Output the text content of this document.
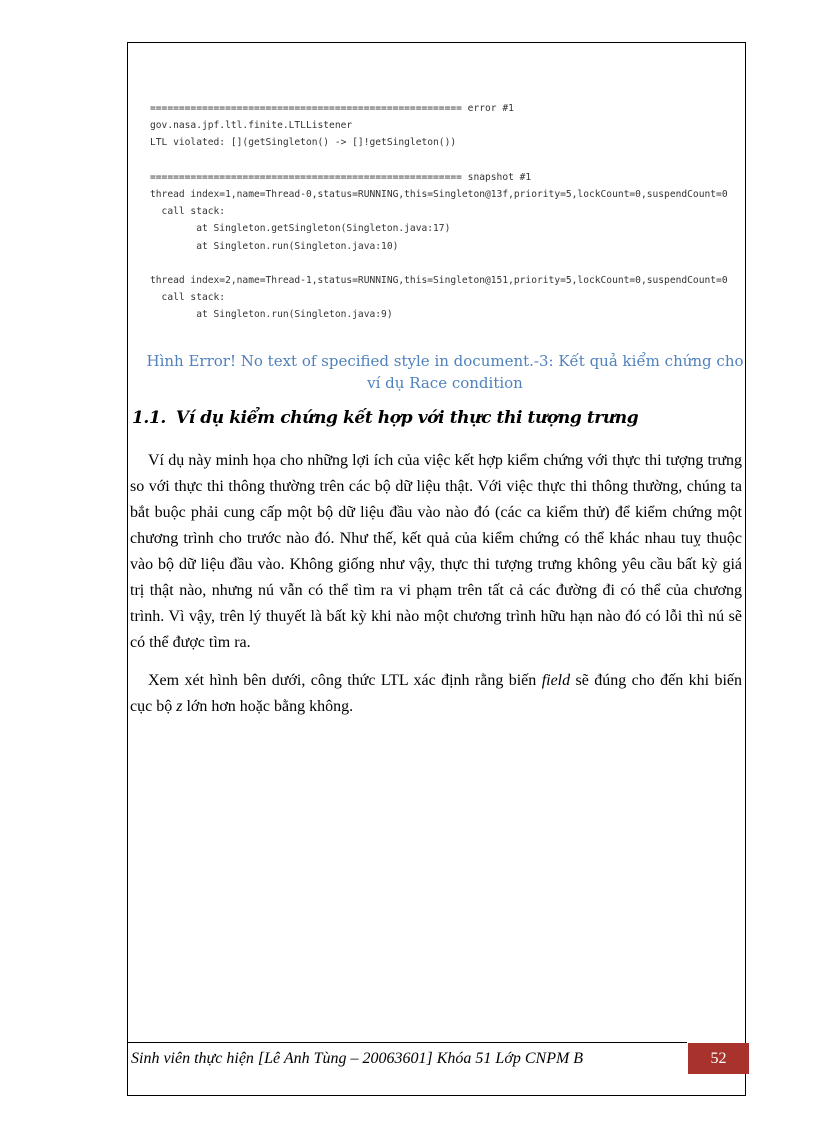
====================================================== error #1
gov.nasa.jpf.ltl.finite.LTLListener
LTL violated: [](getSingleton() -> []!getSingleton())

====================================================== snapshot #1
thread index=1,name=Thread-0,status=RUNNING,this=Singleton@13f,priority=5,lockCount=0,suspendCount=0
call stack:
at Singleton.getSingleton(Singleton.java:17)
at Singleton.run(Singleton.java:10)

thread index=2,name=Thread-1,status=RUNNING,this=Singleton@151,priority=5,lockCount=0,suspendCount=0
call stack:
at Singleton.run(Singleton.java:9)
Hình Error! No text of specified style in document.-3: Kết quả kiểm chứng cho ví dụ Race condition
1.1. Ví dụ kiểm chứng kết hợp với thực thi tượng trưng

Ví dụ này minh họa cho những lợi ích của việc kết hợp kiểm chứng với thực thi tượng trưng so với thực thi thông thường trên các bộ dữ liệu thật. Với việc thực thi thông thường, chúng ta bắt buộc phải cung cấp một bộ dữ liệu đầu vào nào đó (các ca kiểm thử) để kiểm chứng một chương trình cho trước nào đó. Như thế, kết quả của kiểm chứng có thể khác nhau tuỵ thuộc vào bộ dữ liệu đầu vào. Không giống như vậy, thực thi tượng trưng không yêu cầu bất kỳ giá trị thật nào, nhưng nú vẫn có thể tìm ra vi phạm trên tất cả các đường đi có thể của chương trình. Vì vậy, trên lý thuyết là bất kỳ khi nào một chương trình hữu hạn nào đó có lỗi thì nú sẽ có thể được tìm ra.

Xem xét hình bên dưới, công thức LTL xác định rằng biến field sẽ đúng cho đến khi biến cục bộ z lớn hơn hoặc bằng không.

Sinh viên thực hiện [Lê Anh Tùng – 20063601] Khóa 51 Lớp CNPM B	52
